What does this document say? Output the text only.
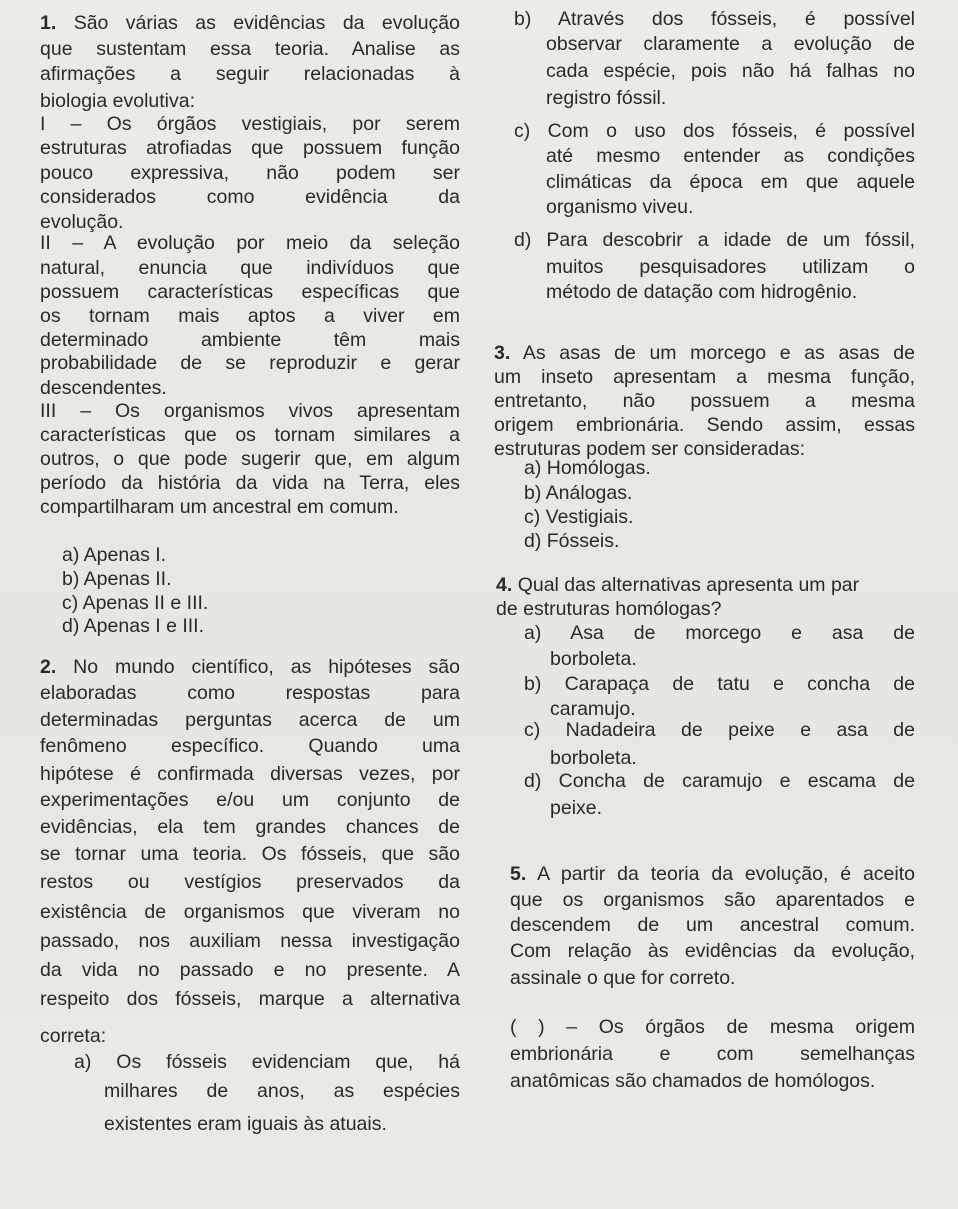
1. São várias as evidências da evolução
que sustentam essa teoria. Analise as
afirmações a seguir relacionadas à
biologia evolutiva:
I – Os órgãos vestigiais, por serem
estruturas atrofiadas que possuem função
pouco expressiva, não podem ser
considerados como evidência da
evolução.
II – A evolução por meio da seleção
natural, enuncia que indivíduos que
possuem características específicas que
os tornam mais aptos a viver em
determinado ambiente têm mais
probabilidade de se reproduzir e gerar
descendentes.
III – Os organismos vivos apresentam
características que os tornam similares a
outros, o que pode sugerir que, em algum
período da história da vida na Terra, eles
compartilharam um ancestral em comum.
a) Apenas I.
b) Apenas II.
c) Apenas II e III.
d) Apenas I e III.
2. No mundo científico, as hipóteses são
elaboradas como respostas para
determinadas perguntas acerca de um
fenômeno específico. Quando uma
hipótese é confirmada diversas vezes, por
experimentações e/ou um conjunto de
evidências, ela tem grandes chances de
se tornar uma teoria. Os fósseis, que são
restos ou vestígios preservados da
existência de organismos que viveram no
passado, nos auxiliam nessa investigação
da vida no passado e no presente. A
respeito dos fósseis, marque a alternativa
correta:
a) Os fósseis evidenciam que, há
milhares de anos, as espécies
existentes eram iguais às atuais.
b) Através dos fósseis, é possível
observar claramente a evolução de
cada espécie, pois não há falhas no
registro fóssil.
c) Com o uso dos fósseis, é possível
até mesmo entender as condições
climáticas da época em que aquele
organismo viveu.
d) Para descobrir a idade de um fóssil,
muitos pesquisadores utilizam o
método de datação com hidrogênio.
3. As asas de um morcego e as asas de
um inseto apresentam a mesma função,
entretanto, não possuem a mesma
origem embrionária. Sendo assim, essas
estruturas podem ser consideradas:
a) Homólogas.
b) Análogas.
c) Vestigiais.
d) Fósseis.
4. Qual das alternativas apresenta um par
de estruturas homólogas?
a) Asa de morcego e asa de
borboleta.
b) Carapaça de tatu e concha de
caramujo.
c) Nadadeira de peixe e asa de
borboleta.
d) Concha de caramujo e escama de
peixe.
5. A partir da teoria da evolução, é aceito
que os organismos são aparentados e
descendem de um ancestral comum.
Com relação às evidências da evolução,
assinale o que for correto.
( ) – Os órgãos de mesma origem
embrionária e com semelhanças
anatômicas são chamados de homólogos.
